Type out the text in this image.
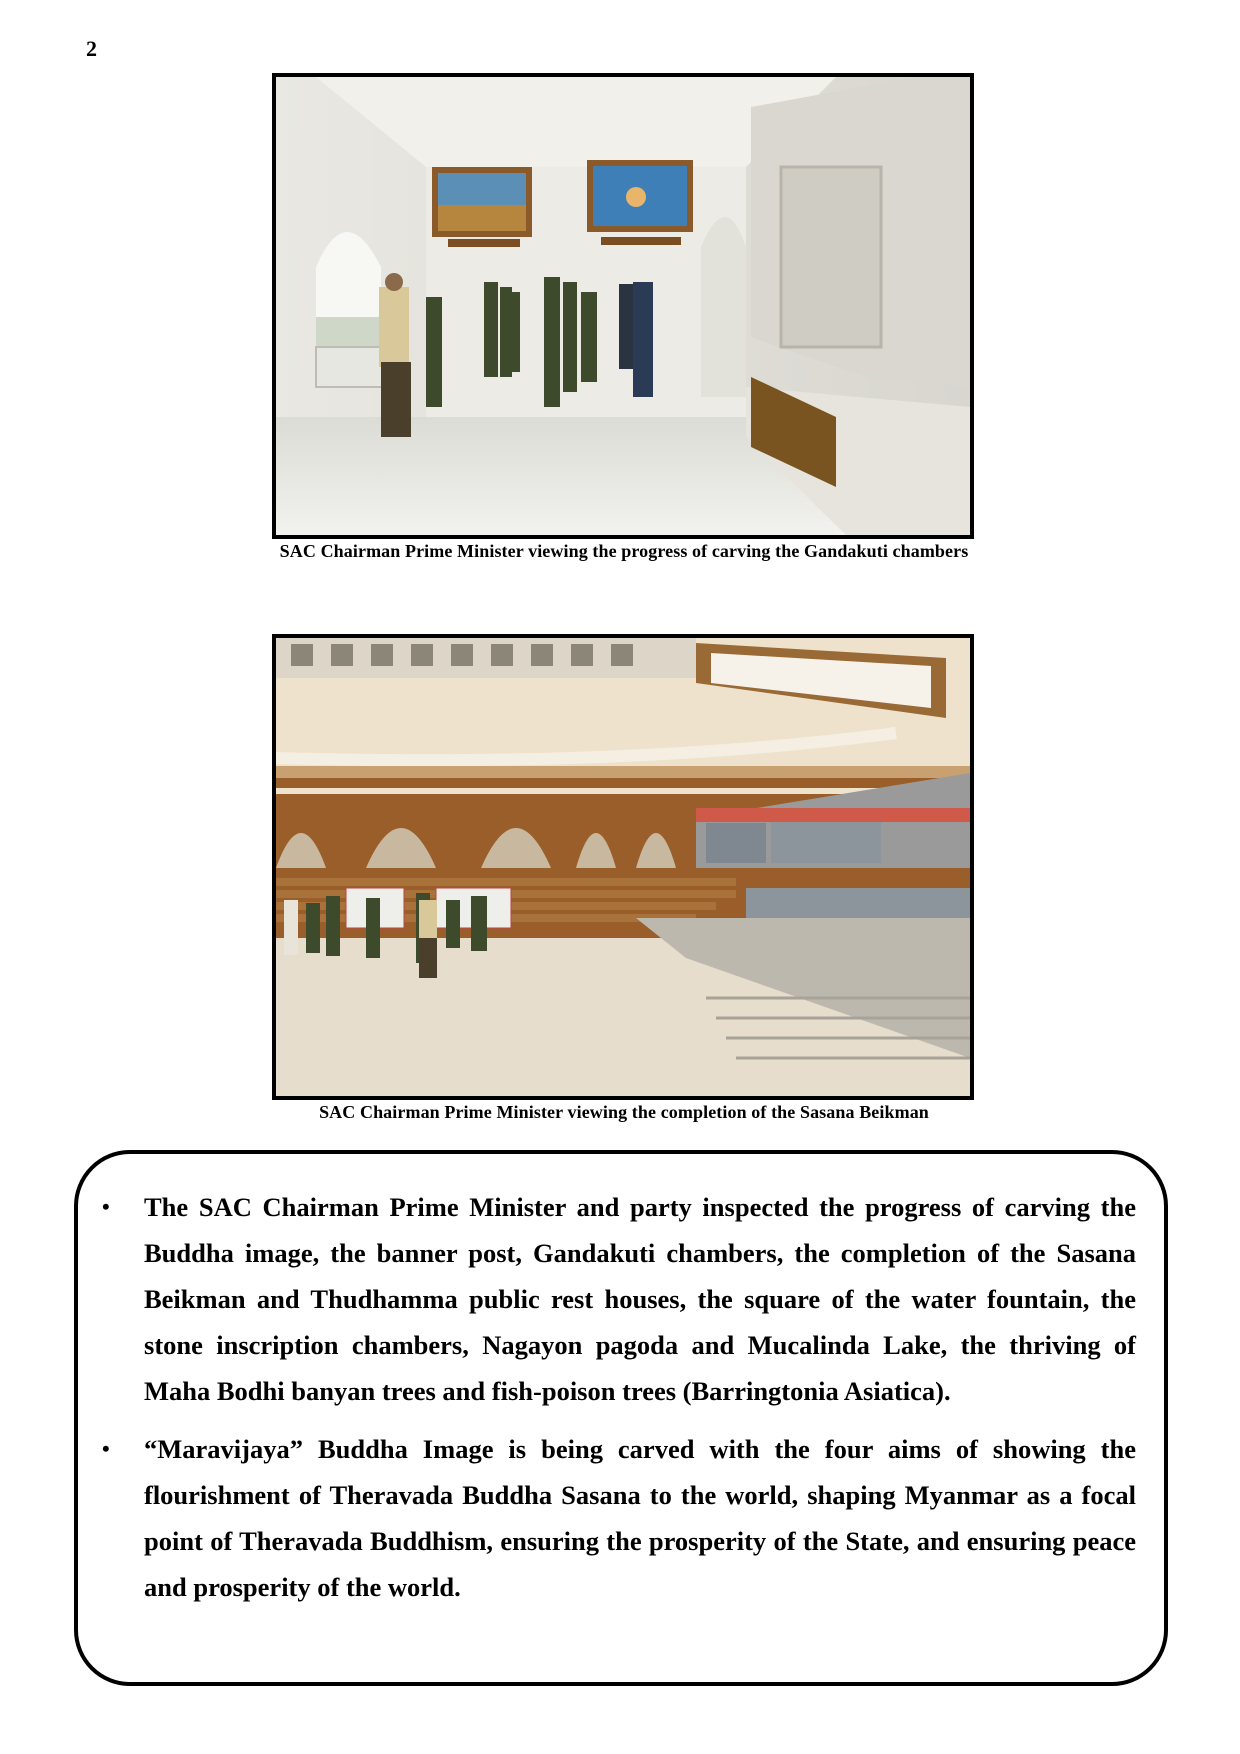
2
SAC Chairman Prime Minister viewing the progress of carving the Gandakuti chambers
SAC Chairman Prime Minister viewing the completion of the Sasana Beikman
• The SAC Chairman Prime Minister and party inspected the progress of carving the Buddha image, the banner post, Gandakuti chambers, the completion of the Sasana Beikman and Thudhamma public rest houses, the square of the water fountain, the stone inscription chambers, Nagayon pagoda and Mucalinda Lake, the thriving of Maha Bodhi banyan trees and fish-poison trees (Barringtonia Asiatica).
• “Maravijaya” Buddha Image is being carved with the four aims of showing the flourishment of Theravada Buddha Sasana to the world, shaping Myanmar as a focal point of Theravada Buddhism, ensuring the prosperity of the State, and ensuring peace and prosperity of the world.
